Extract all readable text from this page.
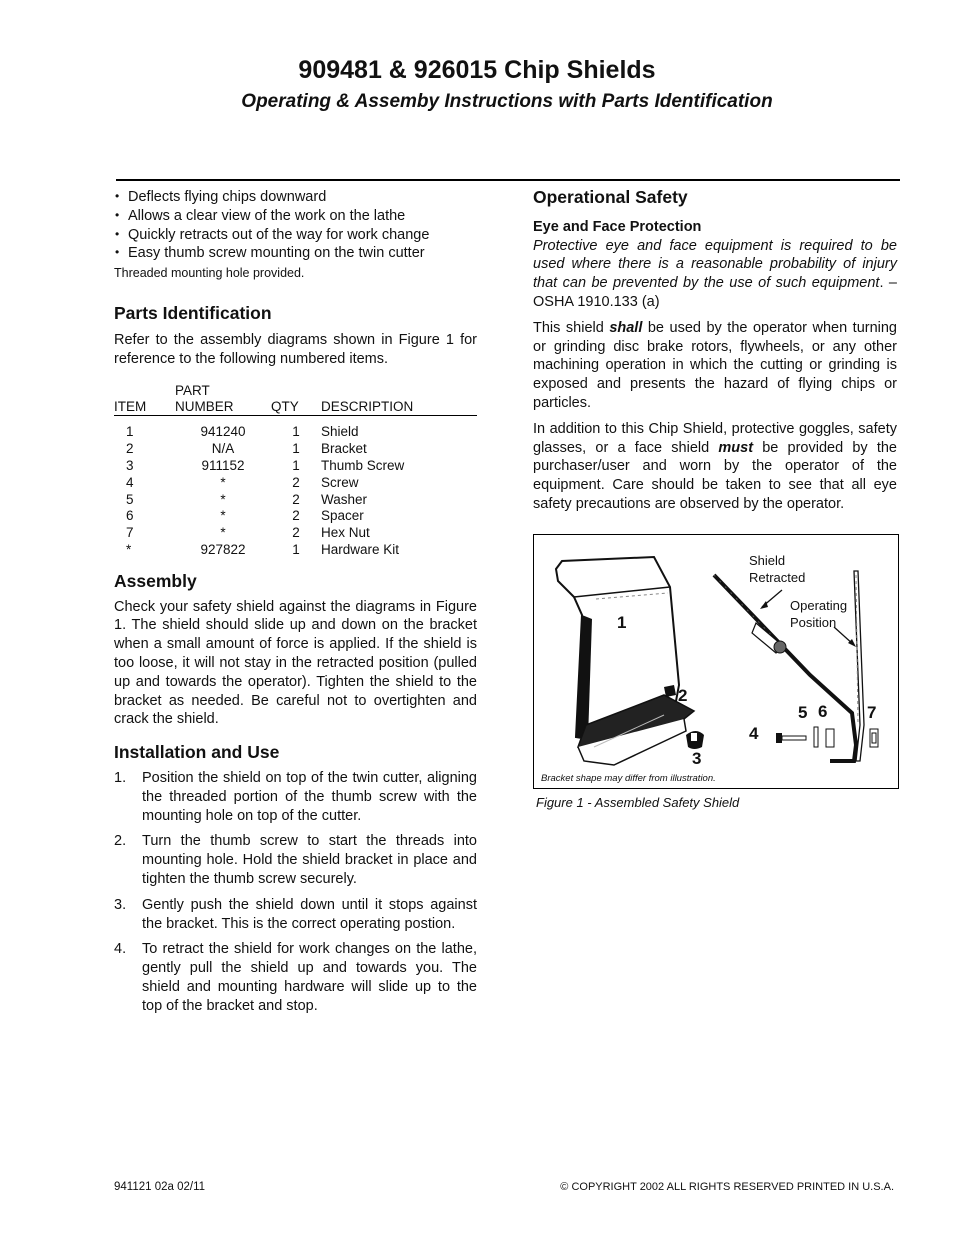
909481 & 926015 Chip Shields
Operating & Assemby Instructions with Parts Identification
• Deflects flying chips downward
• Allows a clear view of the work on the lathe
• Quickly retracts out of the way for work change
• Easy thumb screw mounting on the twin cutter
Threaded mounting hole provided.
Parts Identification

Refer to the assembly diagrams shown in Figure 1 for reference to the following numbered items.

ITEM	PART
NUMBER	QTY	DESCRIPTION
1	941240	1	Shield
2	N/A	1	Bracket
3	911152	1	Thumb Screw
4	*	2	Screw
5	*	2	Washer
6	*	2	Spacer
7	*	2	Hex Nut
*	927822	1	Hardware Kit
Assembly

Check your safety shield against the diagrams in Figure 1. The shield should slide up and down on the bracket when a small amount of force is applied. If the shield is too loose, it will not stay in the retracted position (pulled up and towards the operator). Tighten the shield to the bracket as needed. Be careful not to overtighten and crack the shield.

Installation and Use
1. Position the shield on top of the twin cutter, aligning the threaded portion of the thumb screw with the mounting hole on top of the cutter.
2. Turn the thumb screw to start the threads into mounting hole. Hold the shield bracket in place and tighten the thumb screw securely.
3. Gently push the shield down until it stops against the bracket. This is the correct operating postion.
4. To retract the shield for work changes on the lathe, gently pull the shield up and towards you. The shield and mounting hardware will slide up to the top of the bracket and stop.
Operational Safety
Eye and Face Protection

Protective eye and face equipment is required to be used where there is a reasonable probability of injury that can be prevented by the use of such equipment. – OSHA 1910.133 (a)

This shield shall be used by the operator when turning or grinding disc brake rotors, flywheels, or any other machining operation in which the cutting or grinding is exposed and presents the hazard of flying chips or particles.

In addition to this Chip Shield, protective goggles, safety glasses, or a face shield must be provided by the purchaser/user and worn by the operator of the equipment. Care should be taken to see that all eye safety precautions are observed by the operator.

Shield
Retracted
Operating
Position
1
2
3
4
5 6 7
Bracket shape may differ from illustration.
Figure 1 - Assembled Safety Shield
941121 02a 02/11	© COPYRIGHT 2002 ALL RIGHTS RESERVED PRINTED IN U.S.A.
